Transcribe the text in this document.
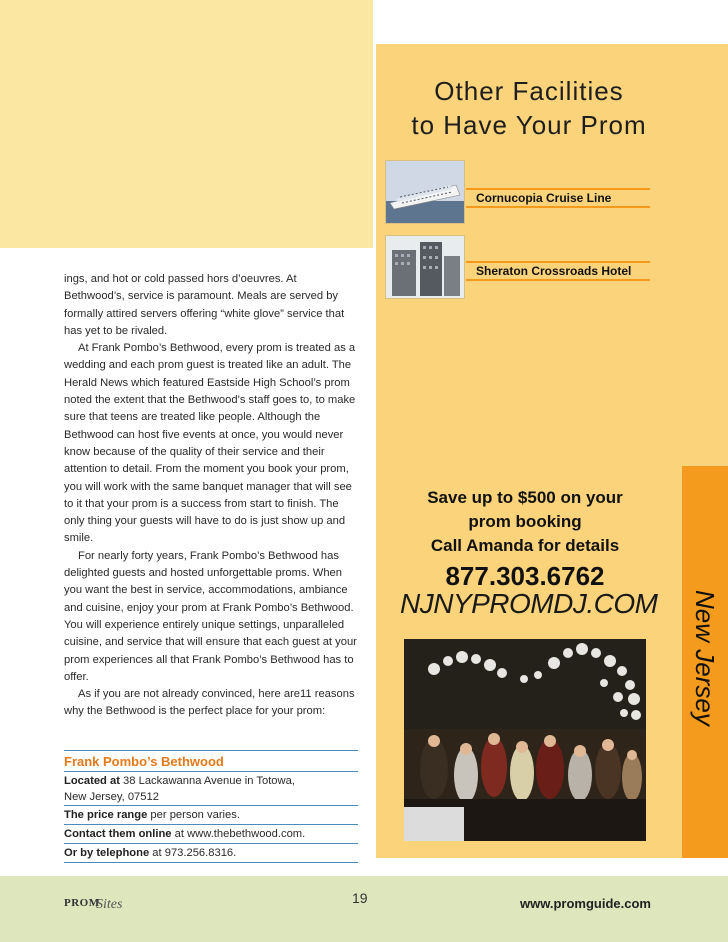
New Jersey
Other Facilities
to Have Your Prom
Cornucopia Cruise Line
Sheraton Crossroads Hotel
Save up to $500 on your
prom booking
Call Amanda for details
877.303.6762
NJNYPROMDJ.COM

ings, and hot or cold passed hors d’oeuvres. At Bethwood’s, service is paramount. Meals are served by formally attired servers offering “white glove” service that has yet to be rivaled.

At Frank Pombo’s Bethwood, every prom is treated as a wedding and each prom guest is treated like an adult. The Herald News which featured Eastside High School’s prom noted the extent that the Bethwood’s staff goes to, to make sure that teens are treated like people. Although the Bethwood can host five events at once, you would never know because of the quality of their service and their attention to detail. From the moment you book your prom, you will work with the same banquet manager that will see to it that your prom is a success from start to finish. The only thing your guests will have to do is just show up and smile.

For nearly forty years, Frank Pombo’s Bethwood has delighted guests and hosted unforgettable proms. When you want the best in service, accommodations, ambiance and cuisine, enjoy your prom at Frank Pombo’s Bethwood. You will experience entirely unique settings, unparalleled cuisine, and service that will ensure that each guest at your prom experiences all that Frank Pombo’s Bethwood has to offer.

As if you are not already convinced, here are11 reasons why the Bethwood is the perfect place for your prom:

Frank Pombo’s Bethwood
Located at 38 Lackawanna Avenue in Totowa,
New Jersey, 07512
The price range per person varies.
Contact them online at www.thebethwood.com.
Or by telephone at 973.256.8316.
PROM
Sites	19	www.promguide.com
